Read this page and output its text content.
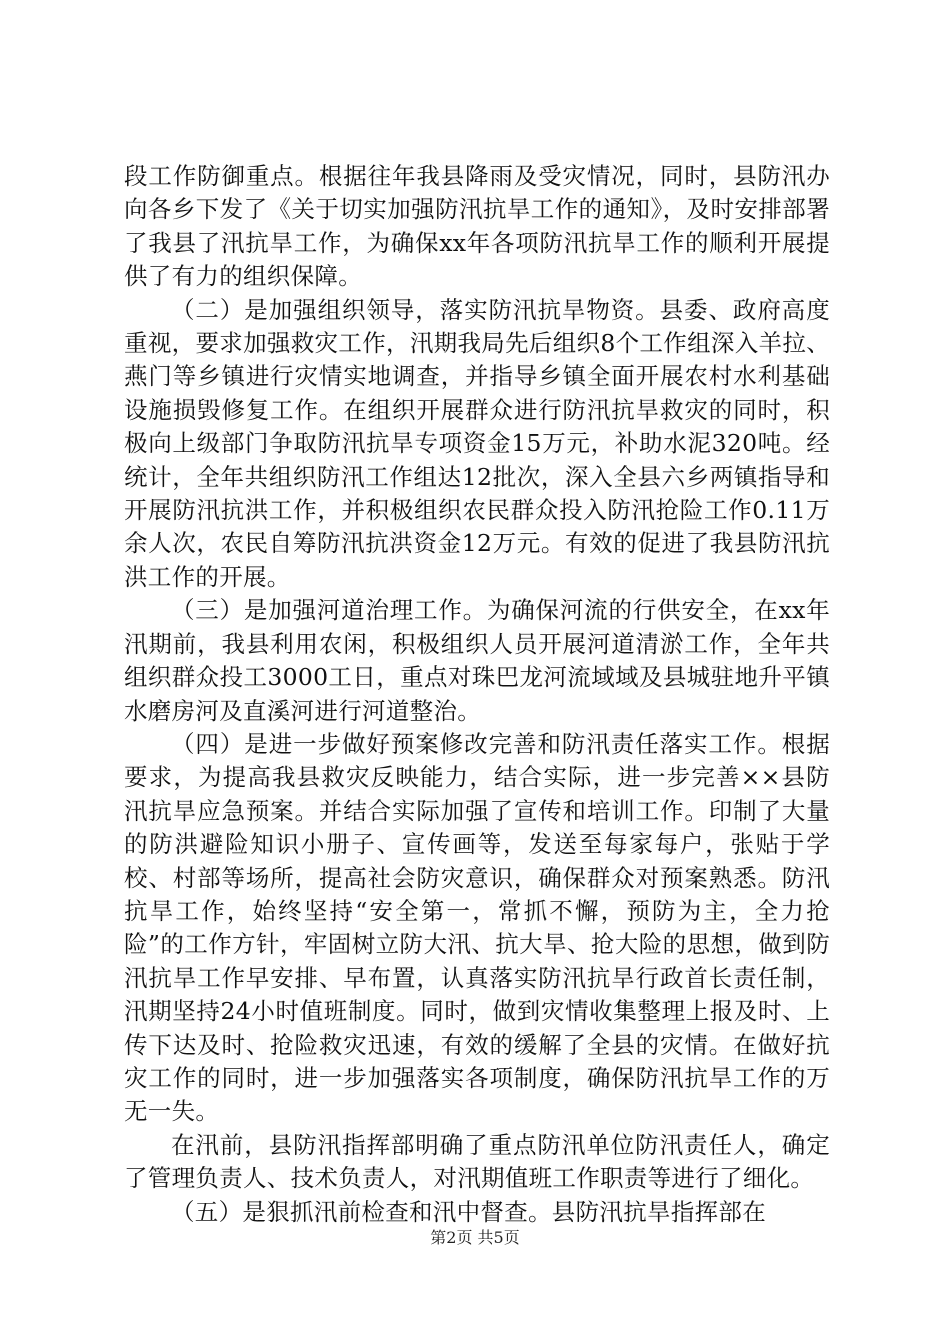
段工作防御重点。根据往年我县降雨及受灾情况，同时，县防汛办向各乡下发了《关于切实加强防汛抗旱工作的通知》，及时安排部署了我县了汛抗旱工作，为确保xx年各项防汛抗旱工作的顺利开展提供了有力的组织保障。

（二）是加强组织领导，落实防汛抗旱物资。县委、政府高度重视，要求加强救灾工作，汛期我局先后组织8个工作组深入羊拉、燕门等乡镇进行灾情实地调查，并指导乡镇全面开展农村水利基础设施损毁修复工作。在组织开展群众进行防汛抗旱救灾的同时，积极向上级部门争取防汛抗旱专项资金15万元，补助水泥320吨。经统计，全年共组织防汛工作组达12批次，深入全县六乡两镇指导和开展防汛抗洪工作，并积极组织农民群众投入防汛抢险工作0.11万余人次，农民自筹防汛抗洪资金12万元。有效的促进了我县防汛抗洪工作的开展。

（三）是加强河道治理工作。为确保河流的行供安全，在xx年汛期前，我县利用农闲，积极组织人员开展河道清淤工作，全年共组织群众投工3000工日，重点对珠巴龙河流域域及县城驻地升平镇水磨房河及直溪河进行河道整治。

（四）是进一步做好预案修改完善和防汛责任落实工作。根据要求，为提高我县救灾反映能力，结合实际，进一步完善××县防汛抗旱应急预案。并结合实际加强了宣传和培训工作。印制了大量的防洪避险知识小册子、宣传画等，发送至每家每户，张贴于学校、村部等场所，提高社会防灾意识，确保群众对预案熟悉。防汛抗旱工作，始终坚持“安全第一，常抓不懈，预防为主，全力抢险”的工作方针，牢固树立防大汛、抗大旱、抢大险的思想，做到防汛抗旱工作早安排、早布置，认真落实防汛抗旱行政首长责任制，汛期坚持24小时值班制度。同时，做到灾情收集整理上报及时、上传下达及时、抢险救灾迅速，有效的缓解了全县的灾情。在做好抗灾工作的同时，进一步加强落实各项制度，确保防汛抗旱工作的万无一失。

在汛前，县防汛指挥部明确了重点防汛单位防汛责任人，确定了管理负责人、技术负责人，对汛期值班工作职责等进行了细化。

（五）是狠抓汛前检查和汛中督查。县防汛抗旱指挥部在

第2页 共5页
